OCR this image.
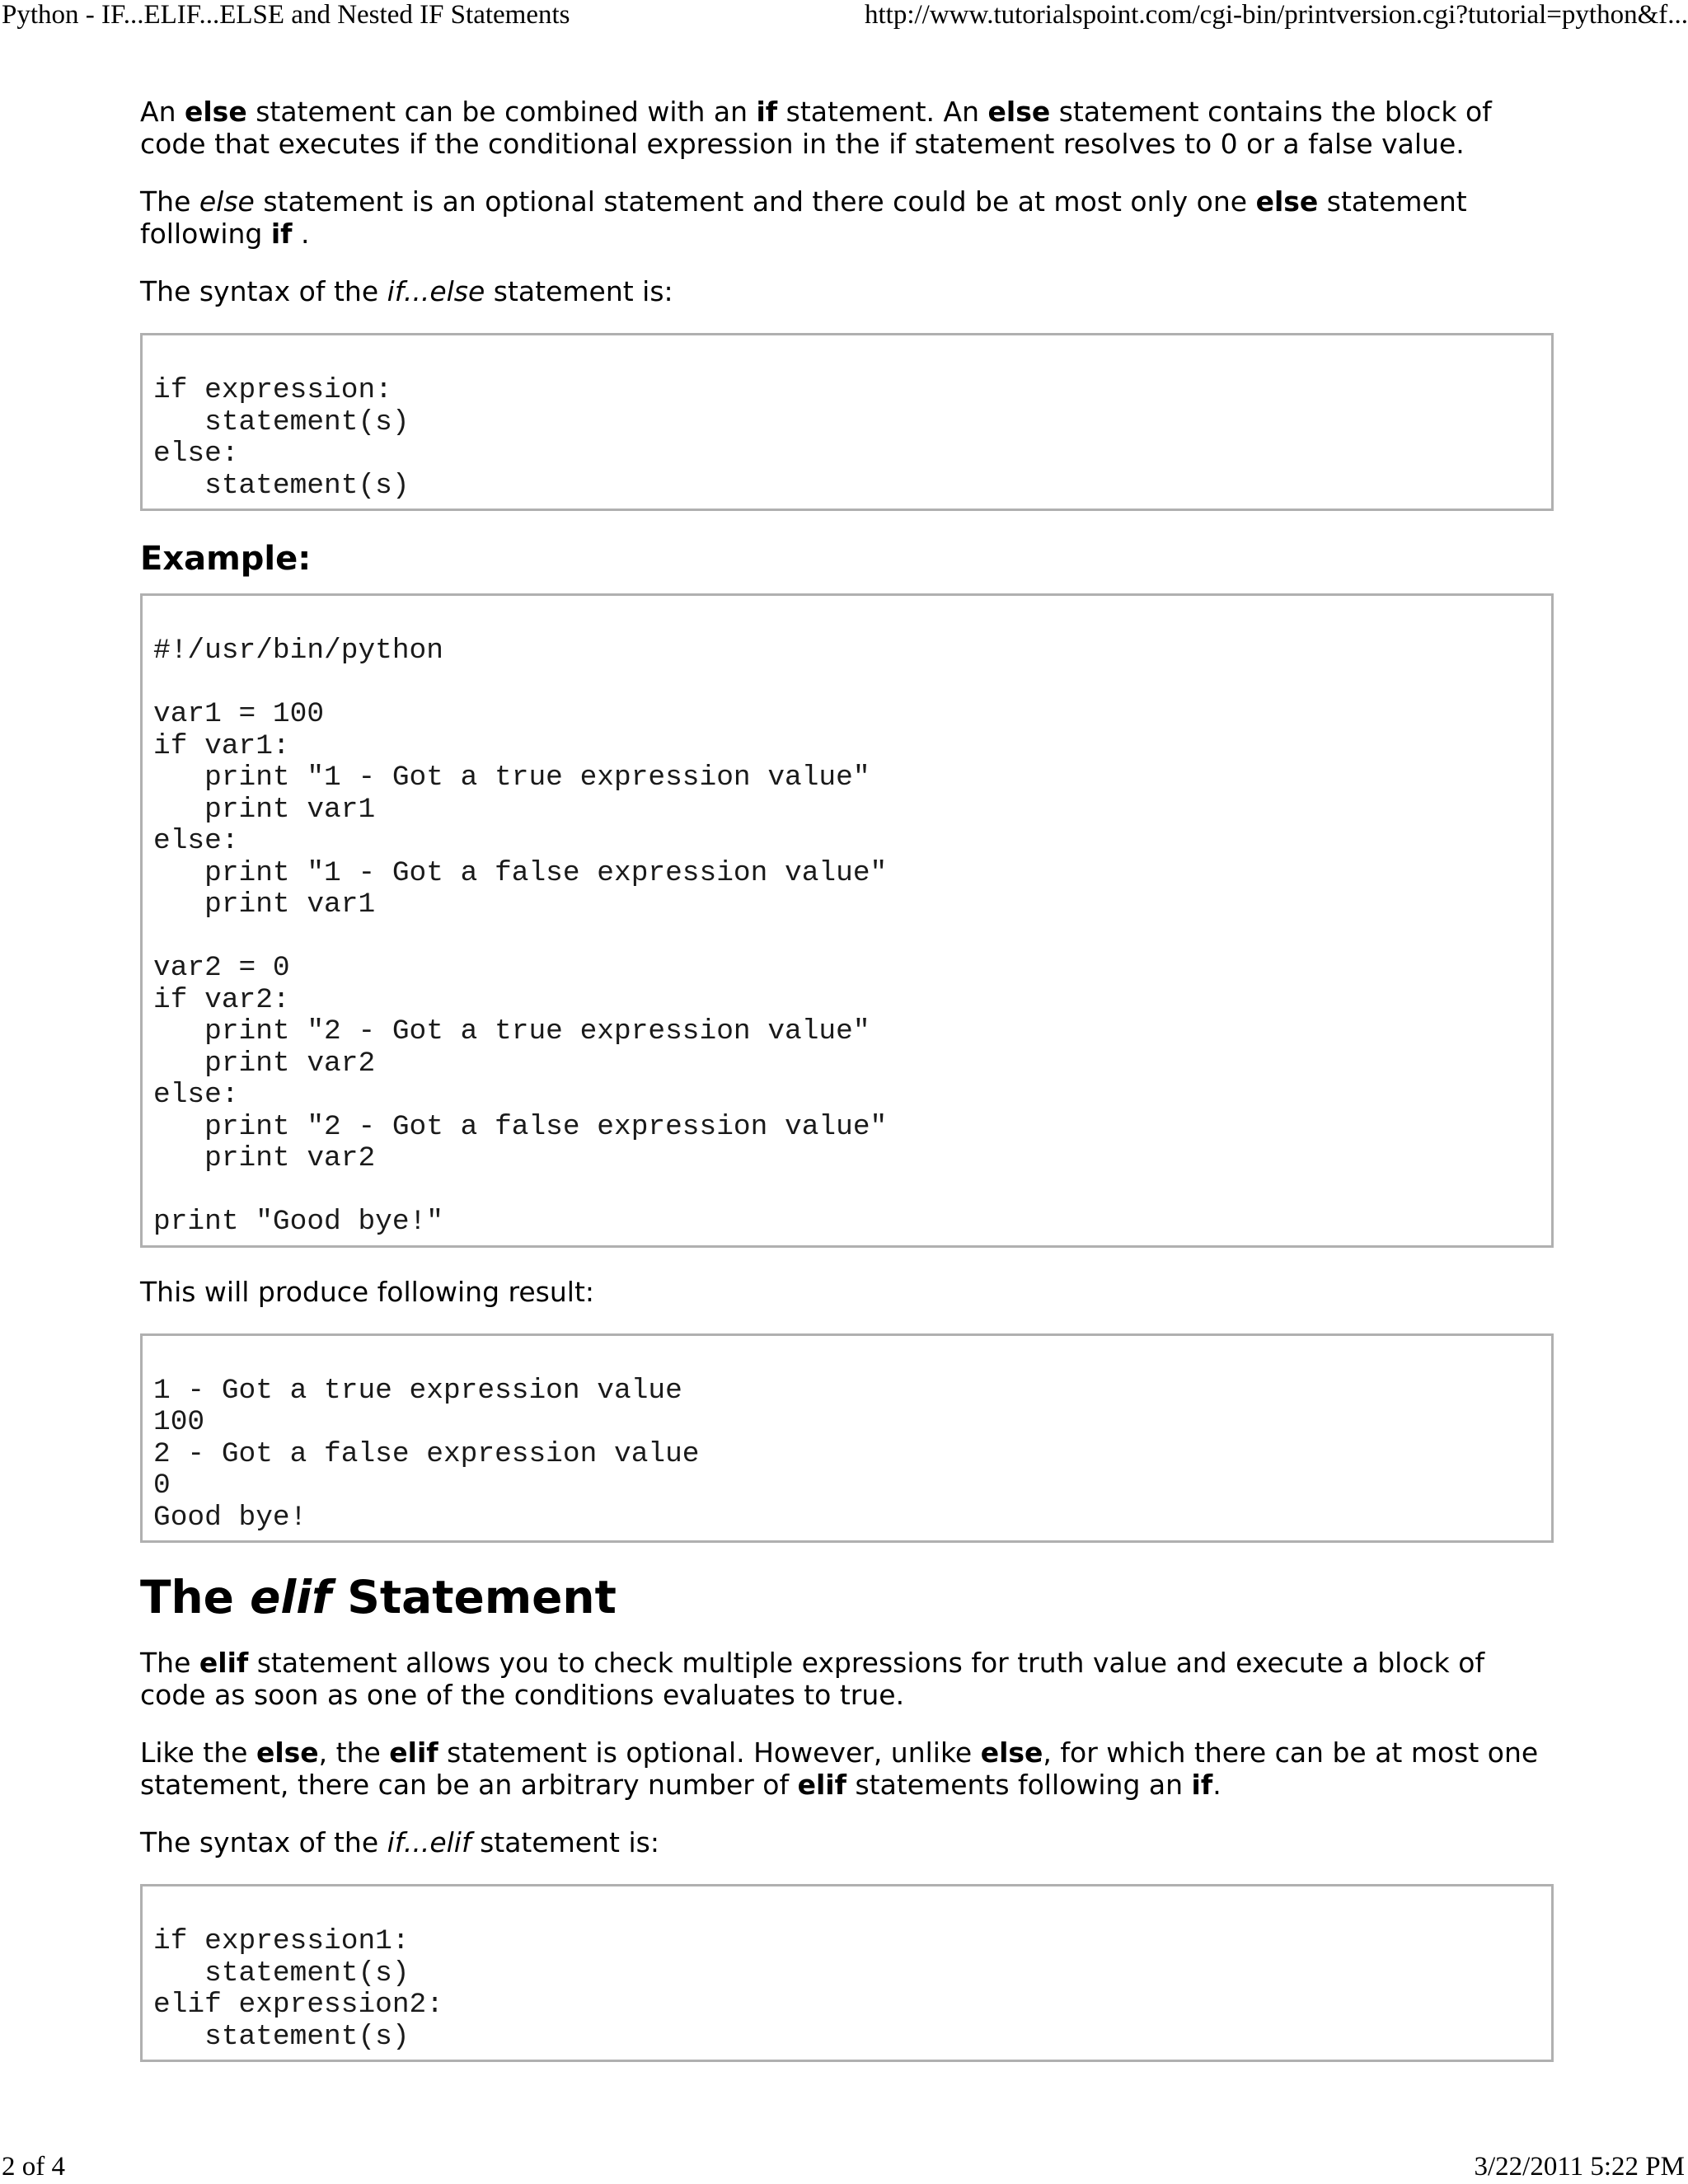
Python - IF...ELIF...ELSE and Nested IF Statements	http://www.tutorialspoint.com/cgi-bin/printversion.cgi?tutorial=python&f...

An else statement can be combined with an if statement. An else statement contains the block of code that executes if the conditional expression in the if statement resolves to 0 or a false value.

The else statement is an optional statement and there could be at most only one else statement following if .

The syntax of the if...else statement is:

if expression:
statement(s)
else:
statement(s)
Example:
#!/usr/bin/python

var1 = 100
if var1:
print "1 - Got a true expression value"
print var1
else:
print "1 - Got a false expression value"
print var1

var2 = 0
if var2:
print "2 - Got a true expression value"
print var2
else:
print "2 - Got a false expression value"
print var2

print "Good bye!"

This will produce following result:

1 - Got a true expression value
100
2 - Got a false expression value
0
Good bye!
The elif Statement

The elif statement allows you to check multiple expressions for truth value and execute a block of code as soon as one of the conditions evaluates to true.

Like the else, the elif statement is optional. However, unlike else, for which there can be at most one statement, there can be an arbitrary number of elif statements following an if.

The syntax of the if...elif statement is:

if expression1:
statement(s)
elif expression2:
statement(s)
2 of 4	3/22/2011 5:22 PM
